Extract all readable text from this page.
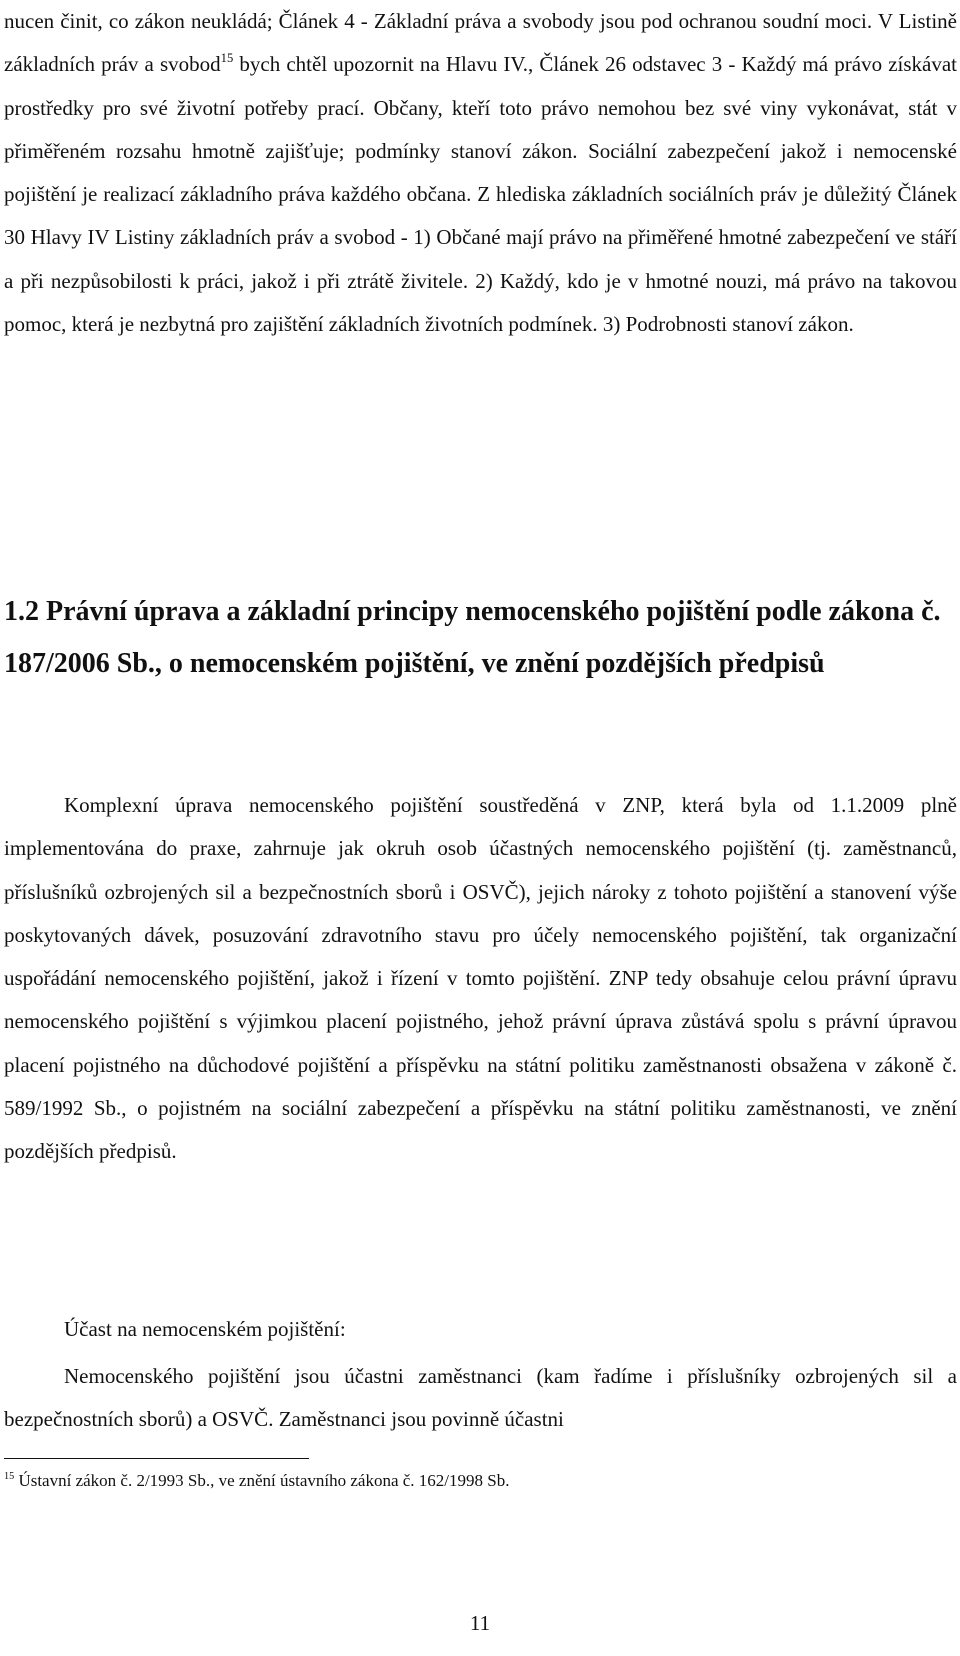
nucen činit, co zákon neukládá; Článek 4 - Základní práva a svobody jsou pod ochranou soudní moci. V Listině základních práv a svobod$^{15}$ bych chtěl upozornit na Hlavu IV., Článek 26 odstavec 3 - Každý má právo získávat prostředky pro své životní potřeby prací. Občany, kteří toto právo nemohou bez své viny vykonávat, stát v přiměřeném rozsahu hmotně zajišťuje; podmínky stanoví zákon. Sociální zabezpečení jakož i nemocenské pojištění je realizací základního práva každého občana. Z hlediska základních sociálních práv je důležitý Článek 30 Hlavy IV Listiny základních práv a svobod - 1) Občané mají právo na přiměřené hmotné zabezpečení ve stáří a při nezpůsobilosti k práci, jakož i při ztrátě živitele. 2) Každý, kdo je v hmotné nouzi, má právo na takovou pomoc, která je nezbytná pro zajištění základních životních podmínek. 3) Podrobnosti stanoví zákon.

1.2 Právní úprava a základní principy nemocenského pojištění podle zákona č. 187/2006 Sb., o nemocenském pojištění, ve znění pozdějších předpisů

Komplexní úprava nemocenského pojištění soustředěná v ZNP, která byla od 1.1.2009 plně implementována do praxe, zahrnuje jak okruh osob účastných nemocenského pojištění (tj. zaměstnanců, příslušníků ozbrojených sil a bezpečnostních sborů i OSVČ), jejich nároky z tohoto pojištění a stanovení výše poskytovaných dávek, posuzování zdravotního stavu pro účely nemocenského pojištění, tak organizační uspořádání nemocenského pojištění, jakož i řízení v tomto pojištění. ZNP tedy obsahuje celou právní úpravu nemocenského pojištění s výjimkou placení pojistného, jehož právní úprava zůstává spolu s právní úpravou placení pojistného na důchodové pojištění a příspěvku na státní politiku zaměstnanosti obsažena v zákoně č. 589/1992 Sb., o pojistném na sociální zabezpečení a příspěvku na státní politiku zaměstnanosti, ve znění pozdějších předpisů.

Účast na nemocenském pojištění:

Nemocenského pojištění jsou účastni zaměstnanci (kam řadíme i příslušníky ozbrojených sil a bezpečnostních sborů) a OSVČ. Zaměstnanci jsou povinně účastni

$^{15}$ Ústavní zákon č. 2/1993 Sb., ve znění ústavního zákona č. 162/1998 Sb.

11
